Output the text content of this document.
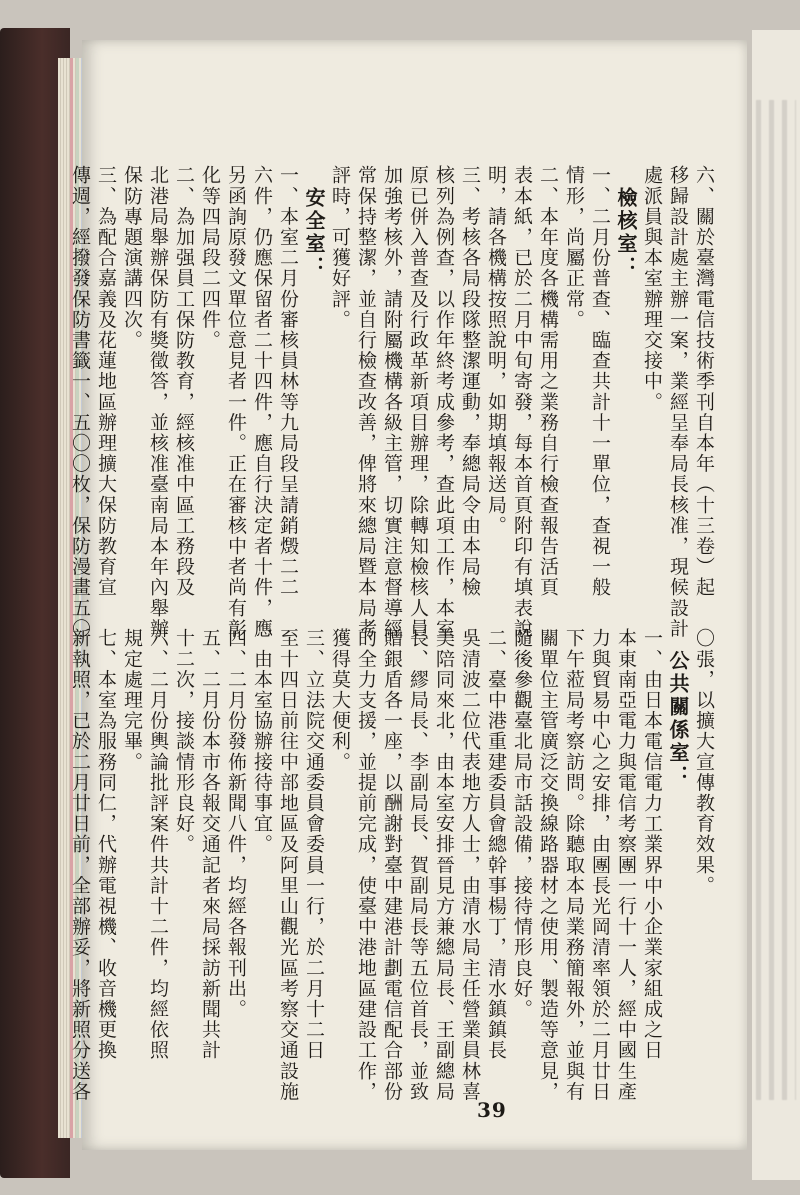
六、關於臺灣電信技術季刊自本年（十三卷）起
移歸設計處主辦一案，業經呈奉局長核准，現候設計
處派員與本室辦理交接中。
檢核室：
一、二月份普查、臨查共計十一單位，查視一般
情形，尚屬正常。
二、本年度各機構需用之業務自行檢查報告活頁
表本紙，已於二月中旬寄發，每本首頁附印有填表說
明，請各機構按照說明，如期填報送局。
三、考核各局段隊整潔運動，奉總局令由本局檢
核列為例查，以作年終考成參考，查此項工作，本室
原已併入普查及行政革新項目辦理，除轉知檢核人員
加強考核外，請附屬機構各級主管，切實注意督導經
常保持整潔，並自行檢查改善，俾將來總局暨本局考
評時，可獲好評。
安全室：
一、本室二月份審核員林等九局段呈請銷燬二二
六件，仍應保留者二十四件，應自行決定者十件，應
另函詢原發文單位意見者一件。正在審核中者尚有彰
化等四局段二四件。
二、為加强員工保防教育，經核准中區工務段及
北港局舉辦保防有獎徵答，並核准臺南局本年內舉辦
保防專題演講四次。
三、為配合嘉義及花蓮地區辦理擴大保防教育宣
傳週，經撥發保防書籤一、五〇〇枚，保防漫畫五〇
〇張，以擴大宣傳教育效果。
公共關係室：
一、由日本電信電力工業界中小企業家組成之日
本東南亞電力與電信考察團一行十一人，經中國生產
力與貿易中心之安排，由團長光岡清率領於二月廿日
下午蒞局考察訪問。除聽取本局業務簡報外，並與有
關單位主管廣泛交換線路器材之使用、製造等意見，
隨後參觀臺北局市話設備，接待情形良好。
二、臺中港重建委員會總幹事楊丁，清水鎮鎮長
吳清波二位代表地方人士，由清水局主任營業員林喜
美陪同來北，由本室安排晉見方兼總局長、王副總局
長、繆局長、李副局長、賀副局長等五位首長，並致
贈銀盾各一座，以酬謝對臺中建港計劃電信配合部份
的全力支援，並提前完成，使臺中港地區建設工作，
獲得莫大便利。
三、立法院交通委員會委員一行，於二月十二日
至十四日前往中部地區及阿里山觀光區考察交通設施
，由本室協辦接待事宜。
四、二月份發佈新聞八件，均經各報刊出。
五、二月份本市各報交通記者來局採訪新聞共計
十二次，接談情形良好。
六、二月份輿論批評案件共計十二件，均經依照
規定處理完畢。
七、本室為服務同仁，代辦電視機、收音機更換
新執照，已於二月廿日前，全部辦妥，將新照分送各
39
